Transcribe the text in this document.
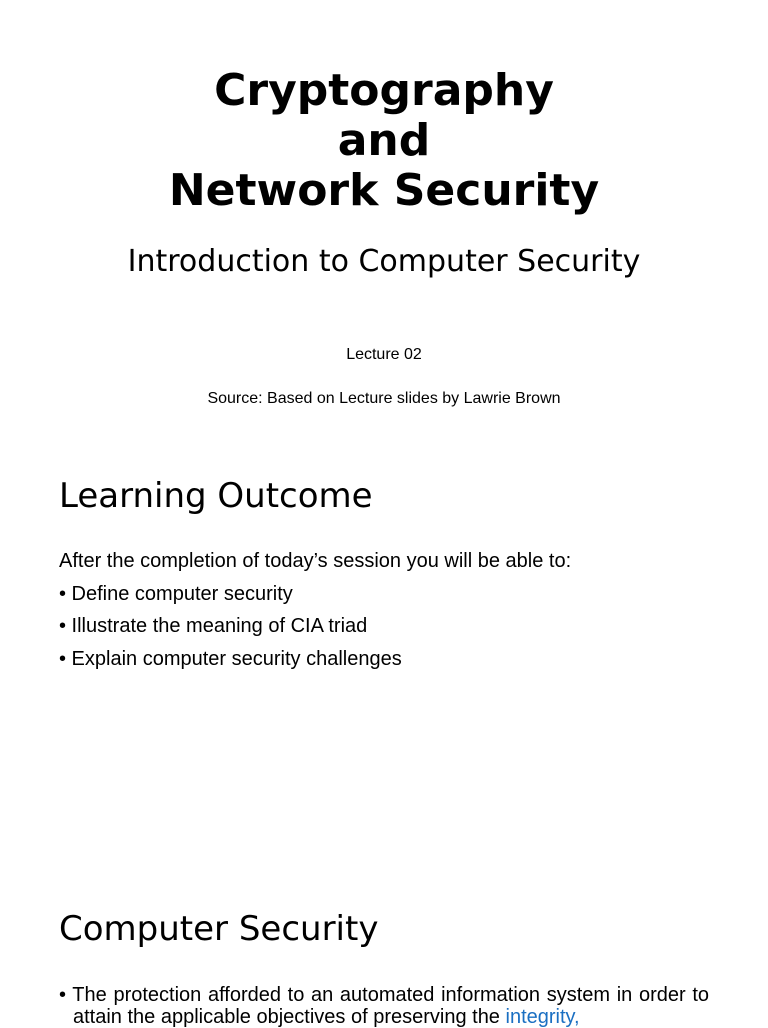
Cryptography
and
Network Security

Introduction to Computer Security

Lecture 02

Source: Based on Lecture slides by Lawrie Brown

Learning Outcome
After the completion of today’s session you will be able to:
• Define computer security
• Illustrate the meaning of CIA triad
• Explain computer security challenges
Computer Security
• The protection afforded to an automated information system in order to attain the applicable objectives of preserving the integrity,
